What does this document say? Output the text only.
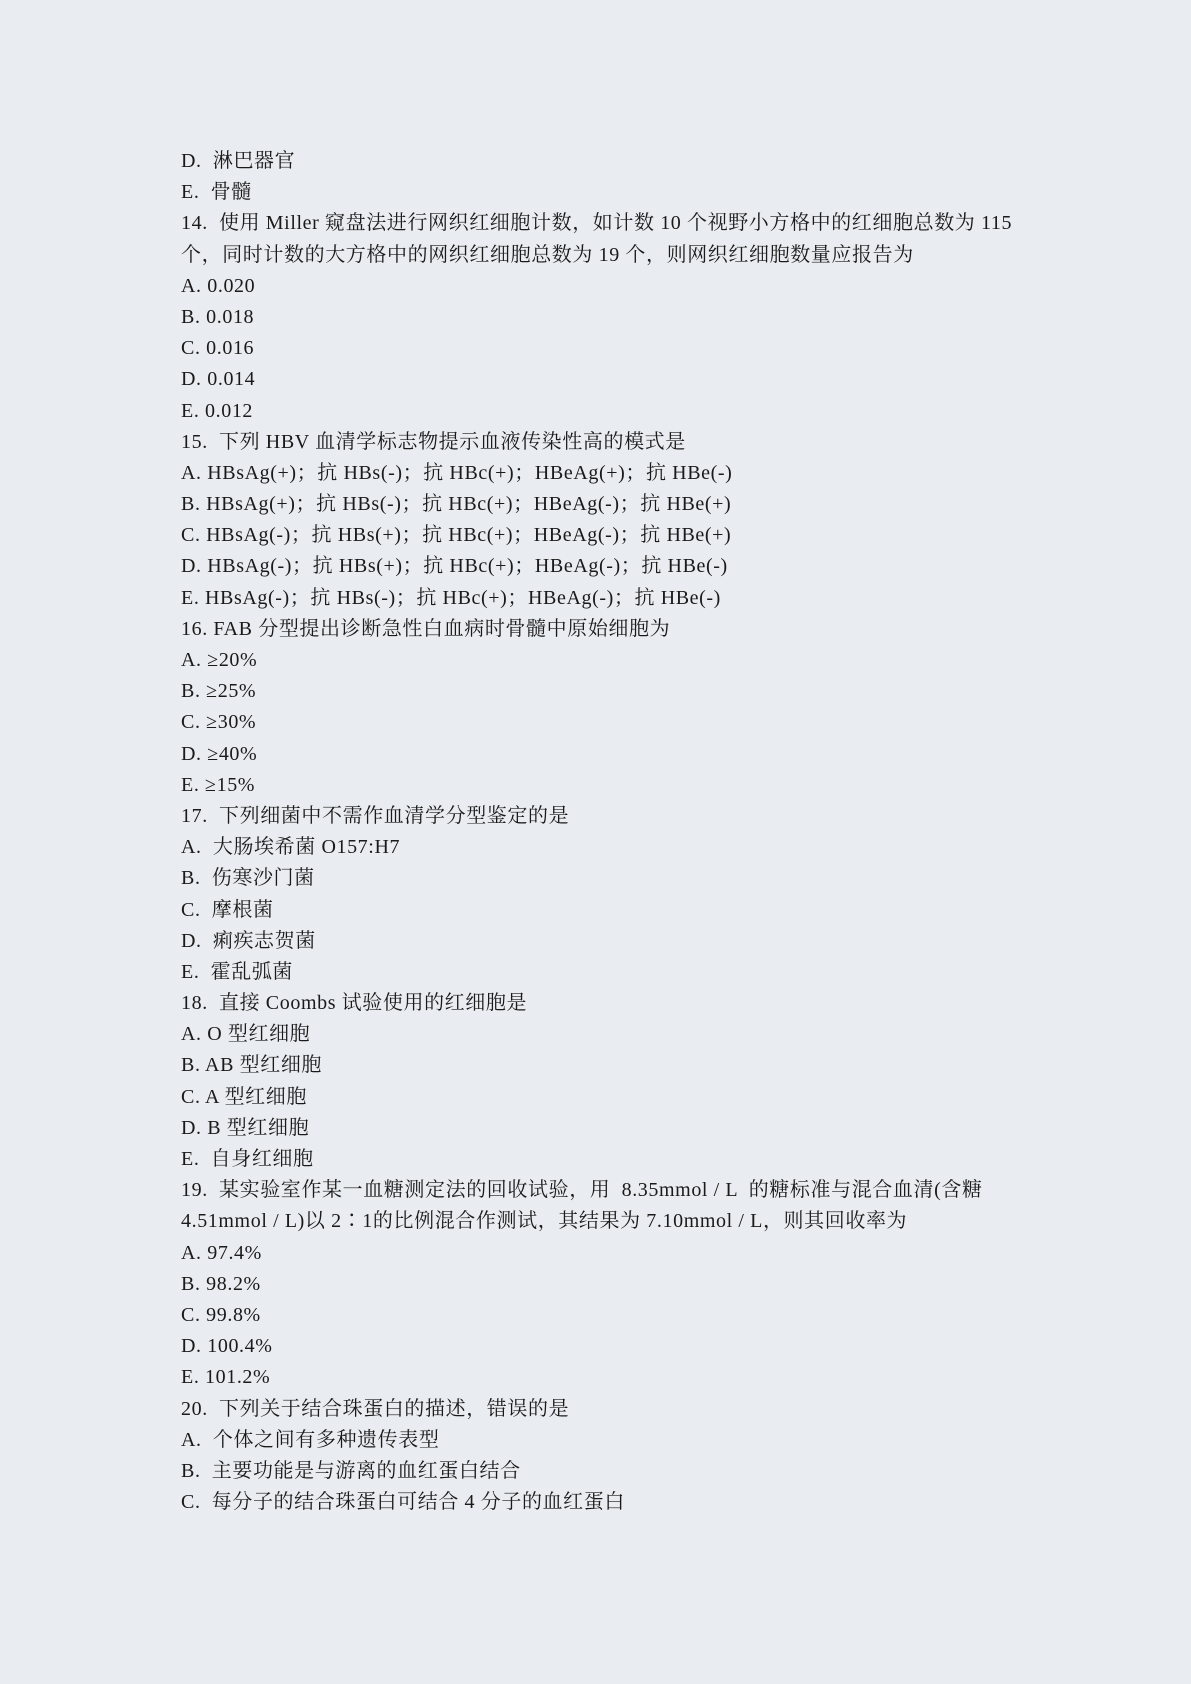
D.  淋巴器官
E.  骨髓
14.  使用 Miller 窥盘法进行网织红细胞计数，如计数 10 个视野小方格中的红细胞总数为 115
个，同时计数的大方格中的网织红细胞总数为 19 个，则网织红细胞数量应报告为
A. 0.020
B. 0.018
C. 0.016
D. 0.014
E. 0.012
15.  下列 HBV 血清学标志物提示血液传染性高的模式是
A. HBsAg(+)；抗 HBs(-)；抗 HBc(+)；HBeAg(+)；抗 HBe(-)
B. HBsAg(+)；抗 HBs(-)；抗 HBc(+)；HBeAg(-)；抗 HBe(+)
C. HBsAg(-)；抗 HBs(+)；抗 HBc(+)；HBeAg(-)；抗 HBe(+)
D. HBsAg(-)；抗 HBs(+)；抗 HBc(+)；HBeAg(-)；抗 HBe(-)
E. HBsAg(-)；抗 HBs(-)；抗 HBc(+)；HBeAg(-)；抗 HBe(-)
16. FAB 分型提出诊断急性白血病时骨髓中原始细胞为
A. ≥20%
B. ≥25%
C. ≥30%
D. ≥40%
E. ≥15%
17.  下列细菌中不需作血清学分型鉴定的是
A.  大肠埃希菌 O157:H7
B.  伤寒沙门菌
C.  摩根菌
D.  痢疾志贺菌
E.  霍乱弧菌
18.  直接 Coombs 试验使用的红细胞是
A. O 型红细胞
B. AB 型红细胞
C. A 型红细胞
D. B 型红细胞
E.  自身红细胞
19.  某实验室作某一血糖测定法的回收试验，用  8.35mmol / L  的糖标准与混合血清(含糖
4.51mmol / L)以 2∶1的比例混合作测试，其结果为 7.10mmol / L，则其回收率为
A. 97.4%
B. 98.2%
C. 99.8%
D. 100.4%
E. 101.2%
20.  下列关于结合珠蛋白的描述，错误的是
A.  个体之间有多种遗传表型
B.  主要功能是与游离的血红蛋白结合
C.  每分子的结合珠蛋白可结合 4 分子的血红蛋白
